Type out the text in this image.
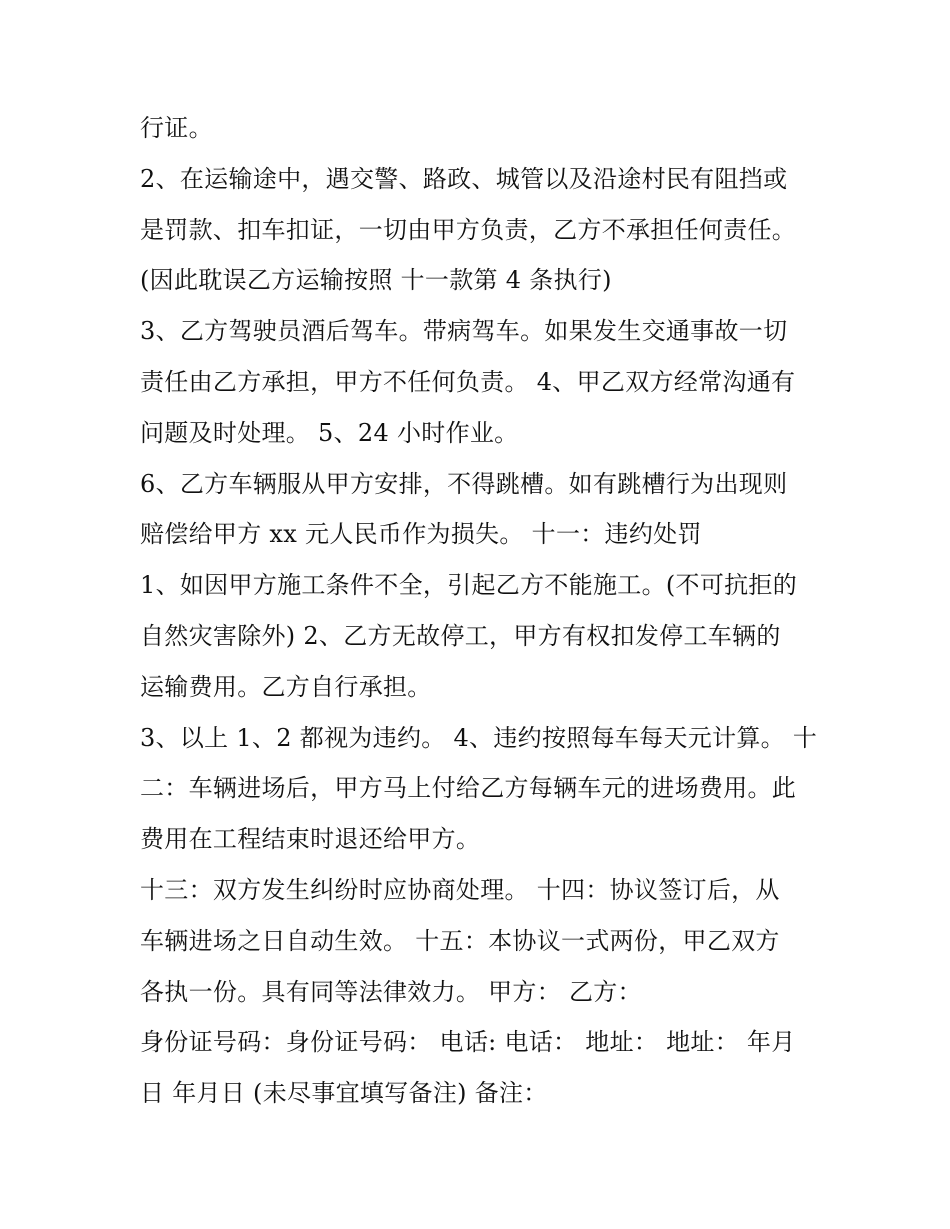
行证。
2、在运输途中，遇交警、路政、城管以及沿途村民有阻挡或
是罚款、扣车扣证，一切由甲方负责，乙方不承担任何责任。
(因此耽误乙方运输按照 十一款第 4 条执行)
3、乙方驾驶员酒后驾车。带病驾车。如果发生交通事故一切
责任由乙方承担，甲方不任何负责。 4、甲乙双方经常沟通有
问题及时处理。 5、24 小时作业。
6、乙方车辆服从甲方安排，不得跳槽。如有跳槽行为出现则
赔偿给甲方 xx 元人民币作为损失。 十一：违约处罚
1、如因甲方施工条件不全，引起乙方不能施工。(不可抗拒的
自然灾害除外) 2、乙方无故停工，甲方有权扣发停工车辆的
运输费用。乙方自行承担。
3、以上 1、2 都视为违约。 4、违约按照每车每天元计算。 十
二：车辆进场后，甲方马上付给乙方每辆车元的进场费用。此
费用在工程结束时退还给甲方。
十三：双方发生纠纷时应协商处理。 十四：协议签订后，从
车辆进场之日自动生效。 十五：本协议一式两份，甲乙双方
各执一份。具有同等法律效力。 甲方： 乙方：
身份证号码：身份证号码： 电话: 电话： 地址： 地址： 年月
日 年月日 (未尽事宜填写备注) 备注：
